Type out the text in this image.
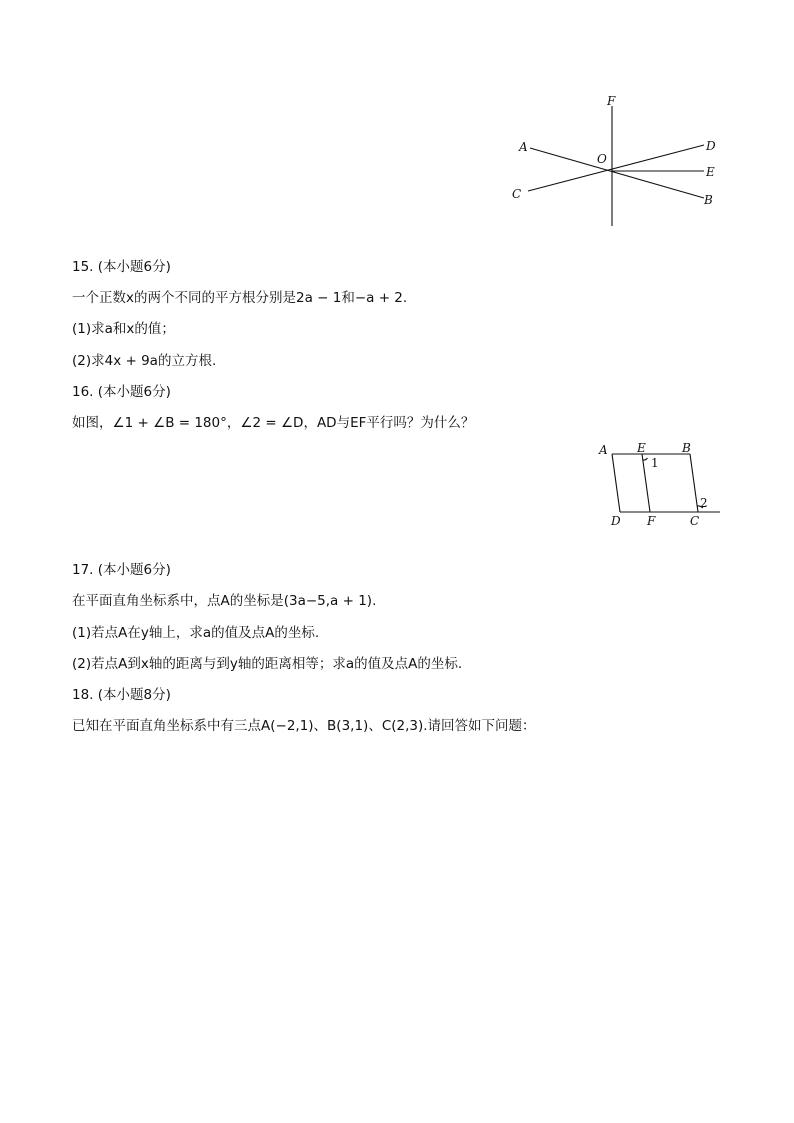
F
A
O
D
E
C	B
15. (本小题6分)
一个正数x的两个不同的平方根分别是2a − 1和−a + 2.
(1)求a和x的值；
(2)求4x + 9a的立方根.
16. (本小题6分)
如图，∠1 + ∠B = 180°，∠2 = ∠D，AD与EF平行吗？为什么？
A E	B
1
2
D F	C
17. (本小题6分)
在平面直角坐标系中，点A的坐标是(3a−5,a + 1).
(1)若点A在y轴上，求a的值及点A的坐标.
(2)若点A到x轴的距离与到y轴的距离相等；求a的值及点A的坐标.
18. (本小题8分)
已知在平面直角坐标系中有三点A(−2,1)、B(3,1)、C(2,3).请回答如下问题：
